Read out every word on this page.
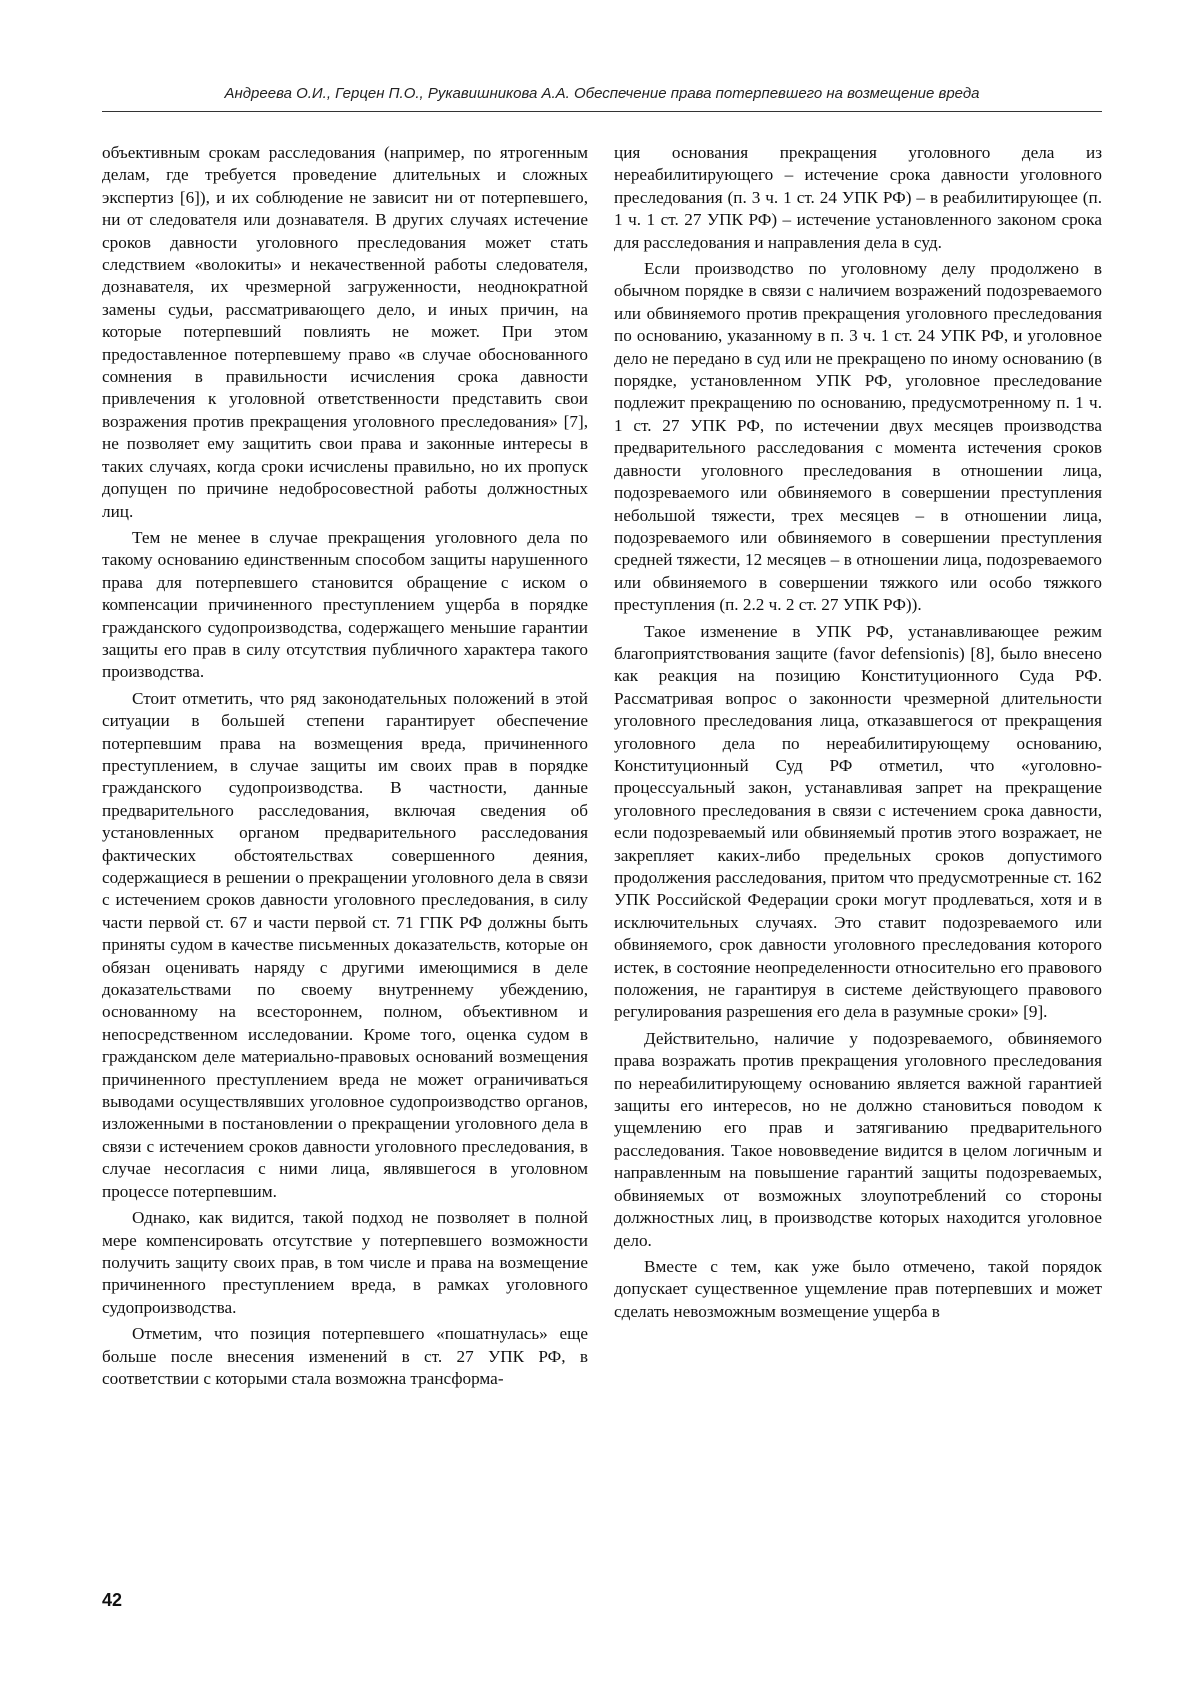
Андреева О.И., Герцен П.О., Рукавишникова А.А. Обеспечение права потерпевшего на возмещение вреда

объективным срокам расследования (например, по ятрогенным делам, где требуется проведение длительных и сложных экспертиз [6]), и их соблюдение не зависит ни от потерпевшего, ни от следователя или дознавателя. В других случаях истечение сроков давности уголовного преследования может стать следствием «волокиты» и некачественной работы следователя, дознавателя, их чрезмерной загруженности, неоднократной замены судьи, рассматривающего дело, и иных причин, на которые потерпевший повлиять не может. При этом предоставленное потерпевшему право «в случае обоснованного сомнения в правильности исчисления срока давности привлечения к уголовной ответственности представить свои возражения против прекращения уголовного преследования» [7], не позволяет ему защитить свои права и законные интересы в таких случаях, когда сроки исчислены правильно, но их пропуск допущен по причине недобросовестной работы должностных лиц.

Тем не менее в случае прекращения уголовного дела по такому основанию единственным способом защиты нарушенного права для потерпевшего становится обращение с иском о компенсации причиненного преступлением ущерба в порядке гражданского судопроизводства, содержащего меньшие гарантии защиты его прав в силу отсутствия публичного характера такого производства.

Стоит отметить, что ряд законодательных положений в этой ситуации в большей степени гарантирует обеспечение потерпевшим права на возмещения вреда, причиненного преступлением, в случае защиты им своих прав в порядке гражданского судопроизводства. В частности, данные предварительного расследования, включая сведения об установленных органом предварительного расследования фактических обстоятельствах совершенного деяния, содержащиеся в решении о прекращении уголовного дела в связи с истечением сроков давности уголовного преследования, в силу части первой ст. 67 и части первой ст. 71 ГПК РФ должны быть приняты судом в качестве письменных доказательств, которые он обязан оценивать наряду с другими имеющимися в деле доказательствами по своему внутреннему убеждению, основанному на всестороннем, полном, объективном и непосредственном исследовании. Кроме того, оценка судом в гражданском деле материально-правовых оснований возмещения причиненного преступлением вреда не может ограничиваться выводами осуществлявших уголовное судопроизводство органов, изложенными в постановлении о прекращении уголовного дела в связи с истечением сроков давности уголовного преследования, в случае несогласия с ними лица, являвшегося в уголовном процессе потерпевшим.

Однако, как видится, такой подход не позволяет в полной мере компенсировать отсутствие у потерпевшего возможности получить защиту своих прав, в том числе и права на возмещение причиненного преступлением вреда, в рамках уголовного судопроизводства.

Отметим, что позиция потерпевшего «пошатнулась» еще больше после внесения изменений в ст. 27 УПК РФ, в соответствии с которыми стала возможна трансформа-

ция основания прекращения уголовного дела из нереабилитирующего – истечение срока давности уголовного преследования (п. 3 ч. 1 ст. 24 УПК РФ) – в реабилитирующее (п. 1 ч. 1 ст. 27 УПК РФ) – истечение установленного законом срока для расследования и направления дела в суд.

Если производство по уголовному делу продолжено в обычном порядке в связи с наличием возражений подозреваемого или обвиняемого против прекращения уголовного преследования по основанию, указанному в п. 3 ч. 1 ст. 24 УПК РФ, и уголовное дело не передано в суд или не прекращено по иному основанию (в порядке, установленном УПК РФ, уголовное преследование подлежит прекращению по основанию, предусмотренному п. 1 ч. 1 ст. 27 УПК РФ, по истечении двух месяцев производства предварительного расследования с момента истечения сроков давности уголовного преследования в отношении лица, подозреваемого или обвиняемого в совершении преступления небольшой тяжести, трех месяцев – в отношении лица, подозреваемого или обвиняемого в совершении преступления средней тяжести, 12 месяцев – в отношении лица, подозреваемого или обвиняемого в совершении тяжкого или особо тяжкого преступления (п. 2.2 ч. 2 ст. 27 УПК РФ)).

Такое изменение в УПК РФ, устанавливающее режим благоприятствования защите (favor defensionis) [8], было внесено как реакция на позицию Конституционного Суда РФ. Рассматривая вопрос о законности чрезмерной длительности уголовного преследования лица, отказавшегося от прекращения уголовного дела по нереабилитирующему основанию, Конституционный Суд РФ отметил, что «уголовно-процессуальный закон, устанавливая запрет на прекращение уголовного преследования в связи с истечением срока давности, если подозреваемый или обвиняемый против этого возражает, не закрепляет каких-либо предельных сроков допустимого продолжения расследования, притом что предусмотренные ст. 162 УПК Российской Федерации сроки могут продлеваться, хотя и в исключительных случаях. Это ставит подозреваемого или обвиняемого, срок давности уголовного преследования которого истек, в состояние неопределенности относительно его правового положения, не гарантируя в системе действующего правового регулирования разрешения его дела в разумные сроки» [9].

Действительно, наличие у подозреваемого, обвиняемого права возражать против прекращения уголовного преследования по нереабилитирующему основанию является важной гарантией защиты его интересов, но не должно становиться поводом к ущемлению его прав и затягиванию предварительного расследования. Такое нововведение видится в целом логичным и направленным на повышение гарантий защиты подозреваемых, обвиняемых от возможных злоупотреблений со стороны должностных лиц, в производстве которых находится уголовное дело.

Вместе с тем, как уже было отмечено, такой порядок допускает существенное ущемление прав потерпевших и может сделать невозможным возмещение ущерба в

42
